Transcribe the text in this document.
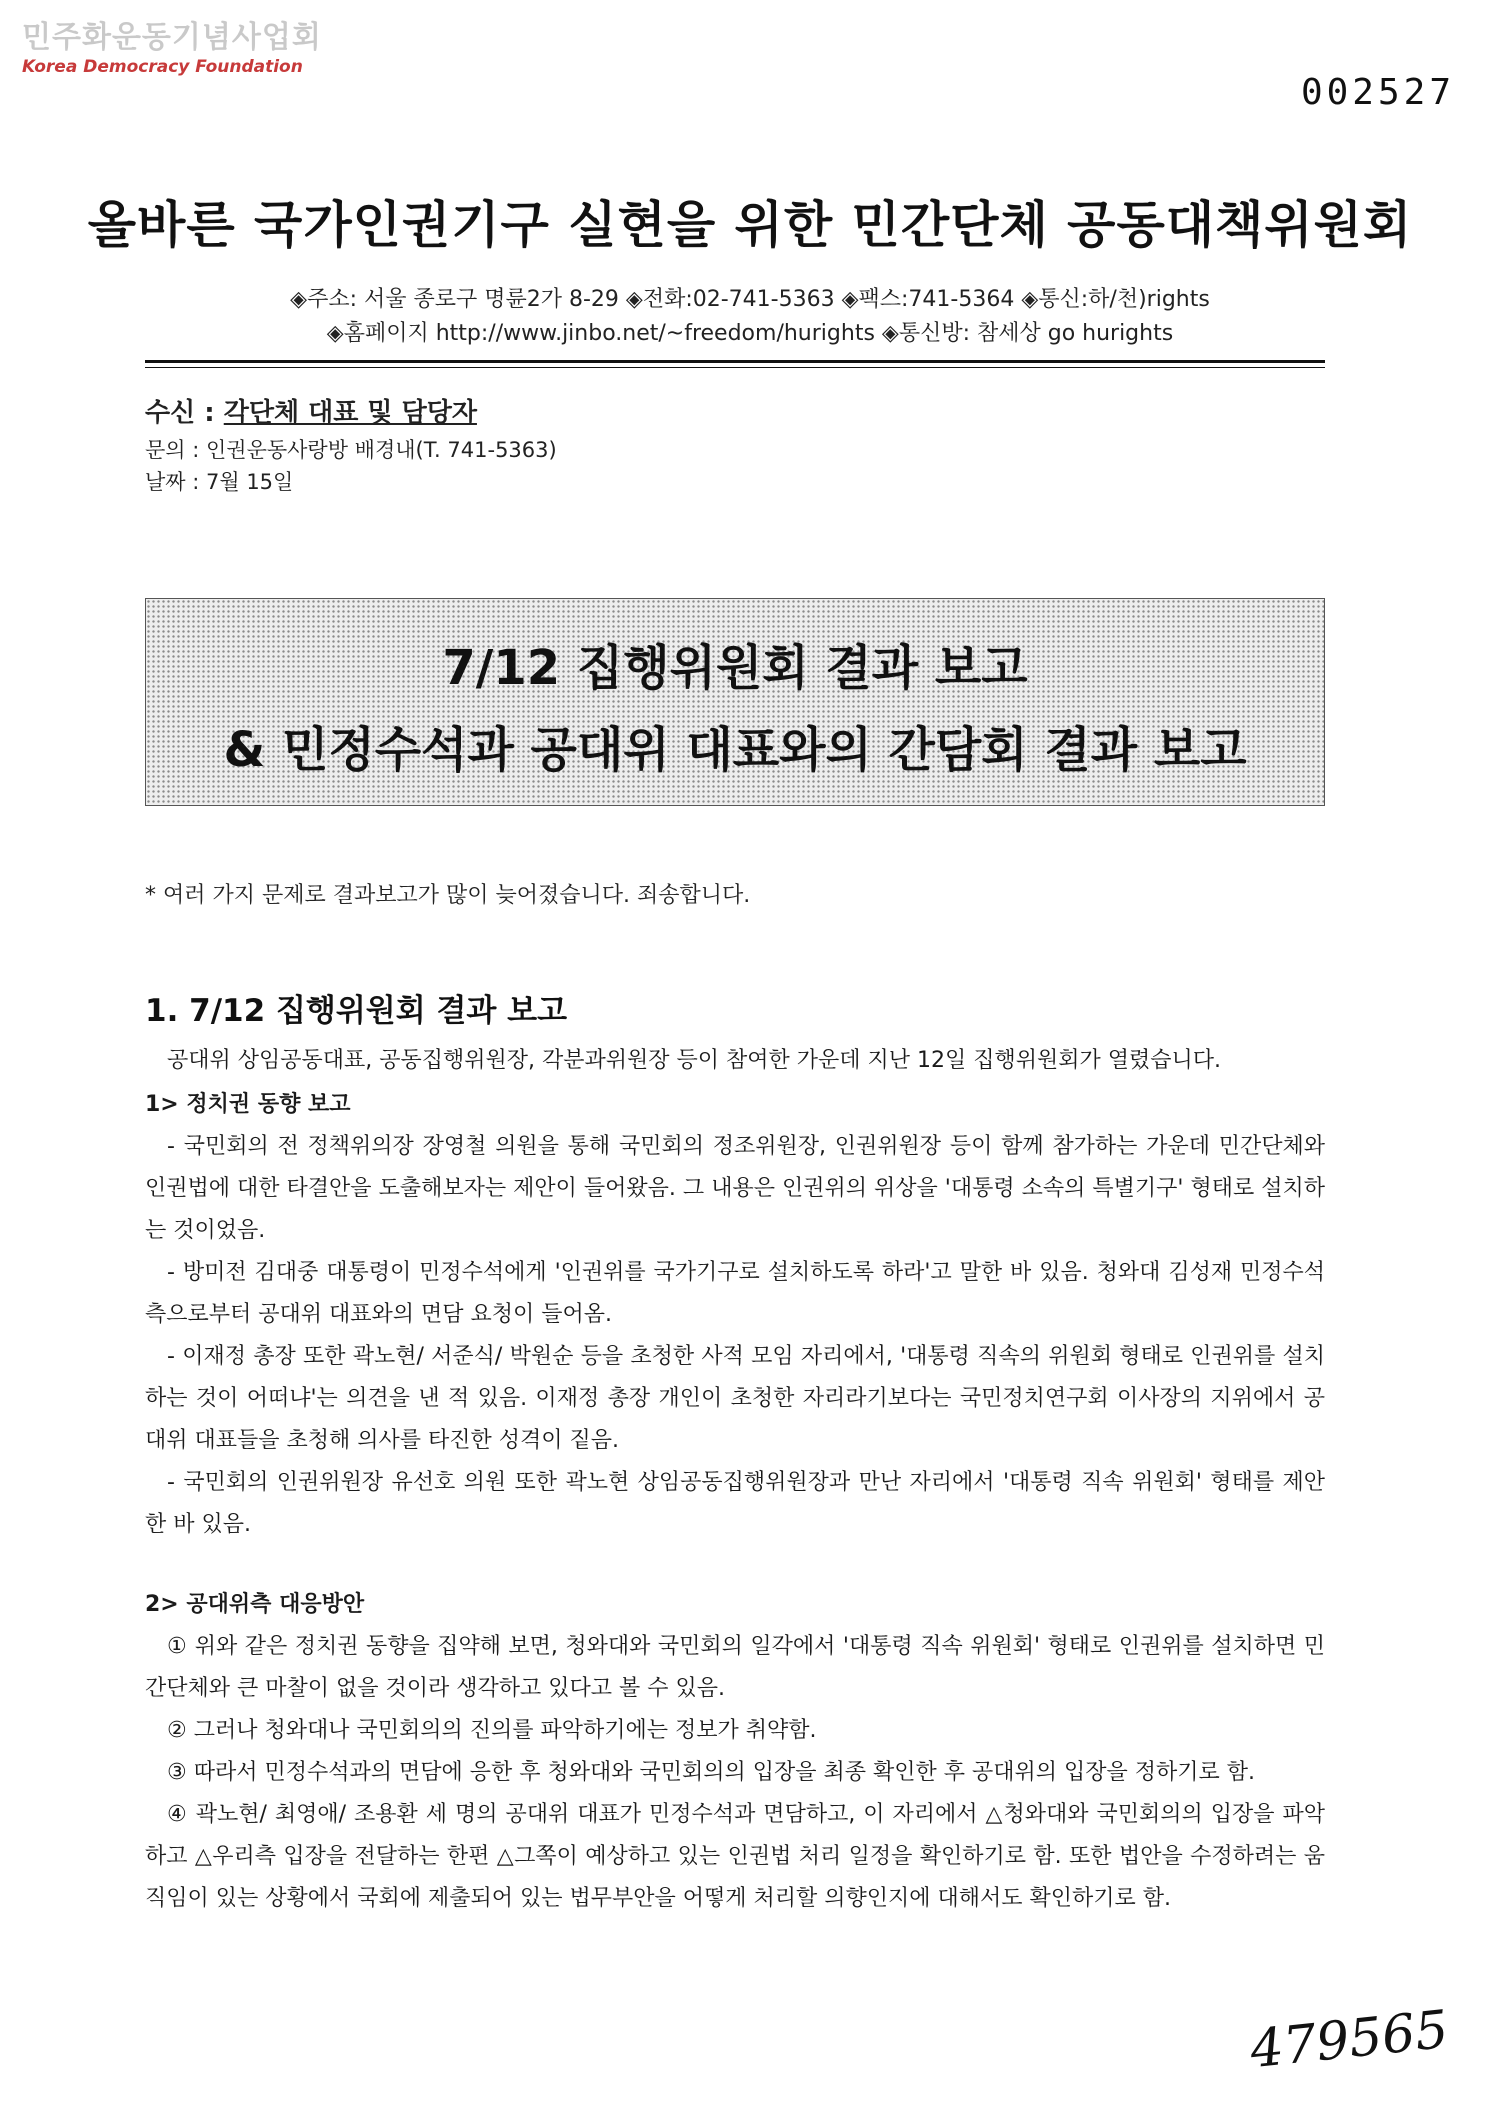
민주화운동기념사업회
Korea Democracy Foundation
002527
올바른 국가인권기구 실현을 위한 민간단체 공동대책위원회
◈주소: 서울 종로구 명륜2가 8-29 ◈전화:02-741-5363 ◈팩스:741-5364 ◈통신:하/천)rights
◈홈페이지 http://www.jinbo.net/~freedom/hurights ◈통신방: 참세상 go hurights
수신 : 각단체 대표 및 담당자
문의 : 인권운동사랑방 배경내(T. 741-5363)
날짜 : 7월 15일
7/12 집행위원회 결과 보고
& 민정수석과 공대위 대표와의 간담회 결과 보고
* 여러 가지 문제로 결과보고가 많이 늦어졌습니다. 죄송합니다.
1. 7/12 집행위원회 결과 보고

공대위 상임공동대표, 공동집행위원장, 각분과위원장 등이 참여한 가운데 지난 12일 집행위원회가 열렸습니다.

1> 정치권 동향 보고

- 국민회의 전 정책위의장 장영철 의원을 통해 국민회의 정조위원장, 인권위원장 등이 함께 참가하는 가운데 민간단체와 인권법에 대한 타결안을 도출해보자는 제안이 들어왔음. 그 내용은 인권위의 위상을 '대통령 소속의 특별기구' 형태로 설치하는 것이었음.

- 방미전 김대중 대통령이 민정수석에게 '인권위를 국가기구로 설치하도록 하라'고 말한 바 있음. 청와대 김성재 민정수석측으로부터 공대위 대표와의 면담 요청이 들어옴.

- 이재정 총장 또한 곽노현/ 서준식/ 박원순 등을 초청한 사적 모임 자리에서, '대통령 직속의 위원회 형태로 인권위를 설치하는 것이 어떠냐'는 의견을 낸 적 있음. 이재정 총장 개인이 초청한 자리라기보다는 국민정치연구회 이사장의 지위에서 공대위 대표들을 초청해 의사를 타진한 성격이 짙음.

- 국민회의 인권위원장 유선호 의원 또한 곽노현 상임공동집행위원장과 만난 자리에서 '대통령 직속 위원회' 형태를 제안한 바 있음.

2> 공대위측 대응방안

① 위와 같은 정치권 동향을 집약해 보면, 청와대와 국민회의 일각에서 '대통령 직속 위원회' 형태로 인권위를 설치하면 민간단체와 큰 마찰이 없을 것이라 생각하고 있다고 볼 수 있음.

② 그러나 청와대나 국민회의의 진의를 파악하기에는 정보가 취약함.

③ 따라서 민정수석과의 면담에 응한 후 청와대와 국민회의의 입장을 최종 확인한 후 공대위의 입장을 정하기로 함.

④ 곽노현/ 최영애/ 조용환 세 명의 공대위 대표가 민정수석과 면담하고, 이 자리에서 △청와대와 국민회의의 입장을 파악하고 △우리측 입장을 전달하는 한편 △그쪽이 예상하고 있는 인권법 처리 일정을 확인하기로 함. 또한 법안을 수정하려는 움직임이 있는 상황에서 국회에 제출되어 있는 법무부안을 어떻게 처리할 의향인지에 대해서도 확인하기로 함.

479565
